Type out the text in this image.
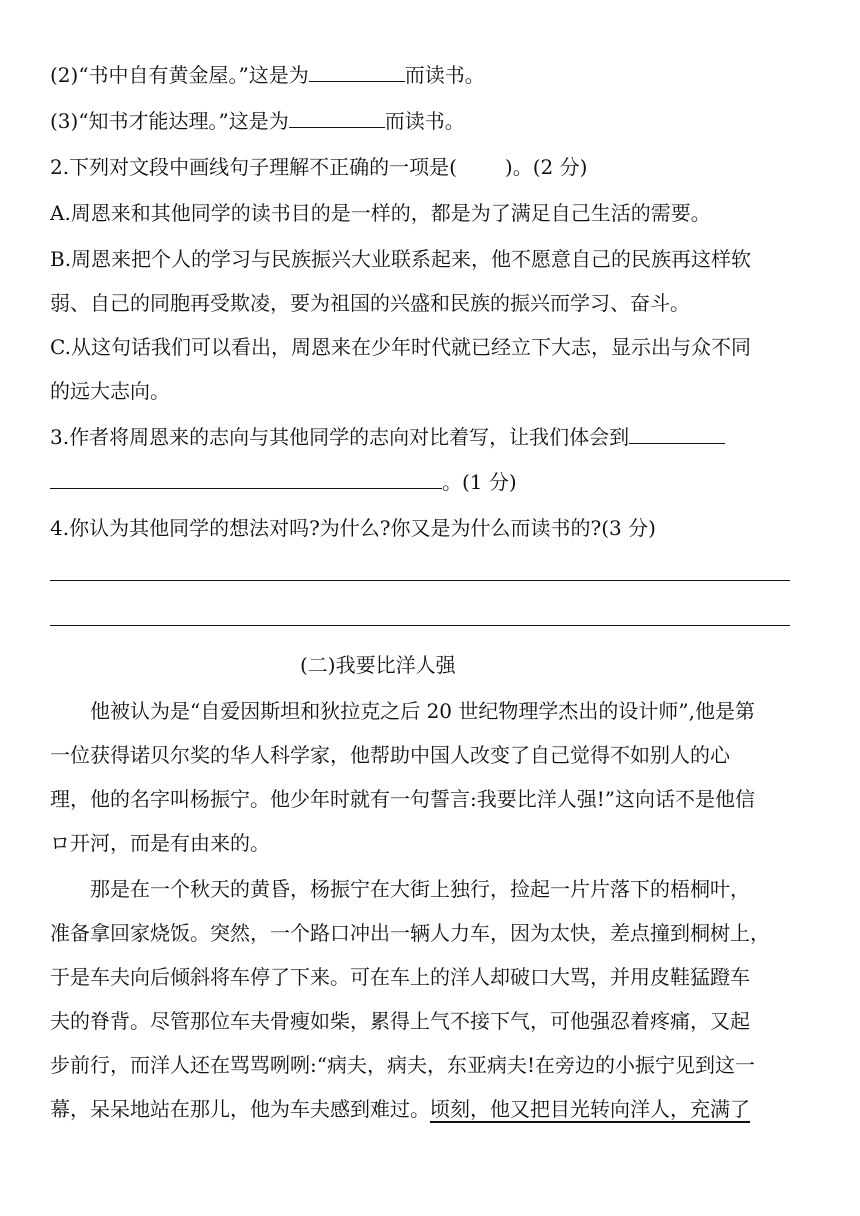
(2)“书中自有黄金屋。”这是为	而读书。
(3)“知书才能达理。”这是为	而读书。
2.下列对文段中画线句子理解不正确的一项是( )。(2 分)
A.周恩来和其他同学的读书目的是一样的，都是为了满足自己生活的需要。
B.周恩来把个人的学习与民族振兴大业联系起来，他不愿意自己的民族再这样软
弱、自己的同胞再受欺凌，要为祖国的兴盛和民族的振兴而学习、奋斗。
C.从这句话我们可以看出，周恩来在少年时代就已经立下大志，显示出与众不同
的远大志向。
3.作者将周恩来的志向与其他同学的志向对比着写，让我们体会到
。(1 分)
4.你认为其他同学的想法对吗?为什么?你又是为什么而读书的?(3 分)
(二)我要比洋人强
　　他被认为是“自爱因斯坦和狄拉克之后 20 世纪物理学杰出的设计师”,他是第
一位获得诺贝尔奖的华人科学家，他帮助中国人改变了自己觉得不如别人的心
理，他的名字叫杨振宁。他少年时就有一句誓言:我要比洋人强!”这向话不是他信
ロ开河，而是有由来的。
　　那是在一个秋天的黄昏，杨振宁在大街上独行，捡起一片片落下的梧桐叶，
准备拿回家烧饭。突然，一个路口冲出一辆人力车，因为太快，差点撞到桐树上，
于是车夫向后倾斜将车停了下来。可在车上的洋人却破口大骂，并用皮鞋猛蹬车
夫的脊背。尽管那位车夫骨瘦如柴，累得上气不接下气，可他强忍着疼痛，又起
步前行，而洋人还在骂骂咧咧:“病夫，病夫，东亚病夫!在旁边的小振宁见到这一
幕，呆呆地站在那儿，他为车夫感到难过。顷刻，他又把目光转向洋人，充满了
